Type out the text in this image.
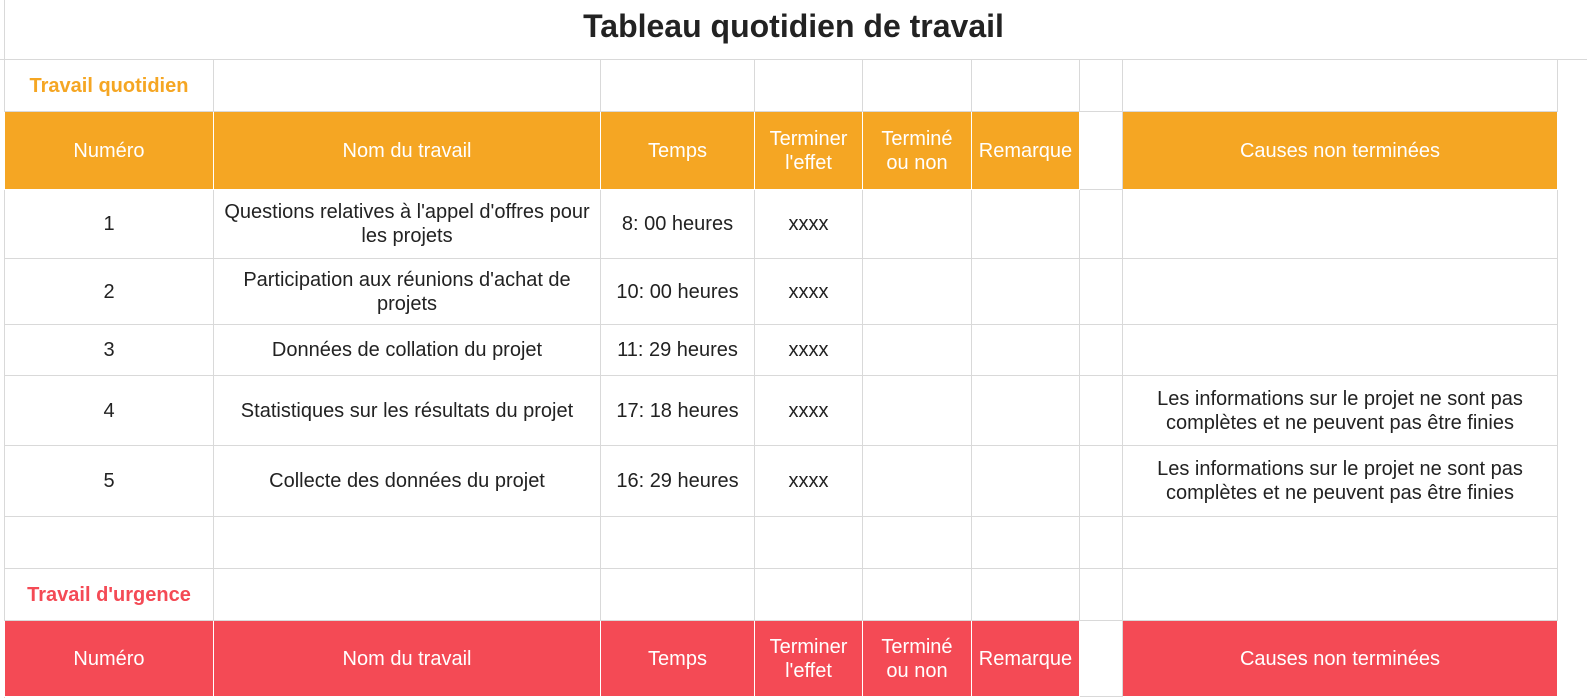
Tableau quotidien de travail
Travail quotidien							
Numéro	Nom du travail	Temps	Terminer l'effet	Terminé ou non	Remarque		Causes non terminées
1	Questions relatives à l'appel d'offres pour les projets	8: 00 heures	xxxx				
2	Participation aux réunions d'achat de projets	10: 00 heures	xxxx				
3	Données de collation du projet	11: 29 heures	xxxx				
4	Statistiques sur les résultats du projet	17: 18 heures	xxxx				Les informations sur le projet ne sont pas complètes et ne peuvent pas être finies
5	Collecte des données du projet	16: 29 heures	xxxx				Les informations sur le projet ne sont pas complètes et ne peuvent pas être finies

Travail d'urgence							
Numéro	Nom du travail	Temps	Terminer l'effet	Terminé ou non	Remarque		Causes non terminées
